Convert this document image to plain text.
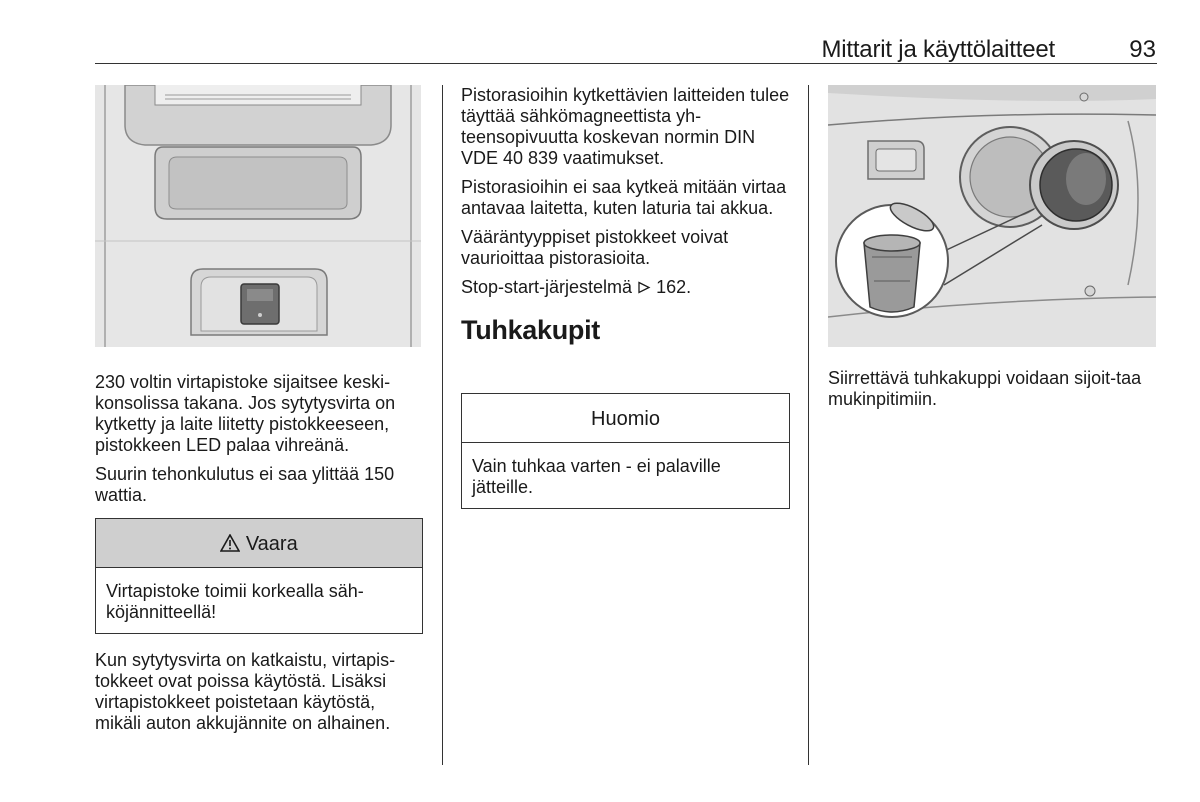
Mittarit ja käyttölaitteet	93

230 voltin virtapistoke sijaitsee keski-konsolissa takana. Jos sytytysvirta on kytketty ja laite liitetty pistokkeeseen, pistokkeen LED palaa vihreänä.

Suurin tehonkulutus ei saa ylittää 150 wattia.

Vaara
Virtapistoke toimii korkealla säh-köjännitteellä!

Kun sytytysvirta on katkaistu, virtapis-tokkeet ovat poissa käytöstä. Lisäksi virtapistokkeet poistetaan käytöstä, mikäli auton akkujännite on alhainen.

Pistorasioihin kytkettävien laitteiden tulee täyttää sähkömagneettista yh-teensopivuutta koskevan normin DIN VDE 40 839 vaatimukset.

Pistorasioihin ei saa kytkeä mitään virtaa antavaa laitetta, kuten laturia tai akkua.

Vääräntyyppiset pistokkeet voivat vaurioittaa pistorasioita.

Stop-start-järjestelmä 162.

Tuhkakupit
Huomio
Vain tuhkaa varten - ei palaville jätteille.

Siirrettävä tuhkakuppi voidaan sijoit-taa mukinpitimiin.
